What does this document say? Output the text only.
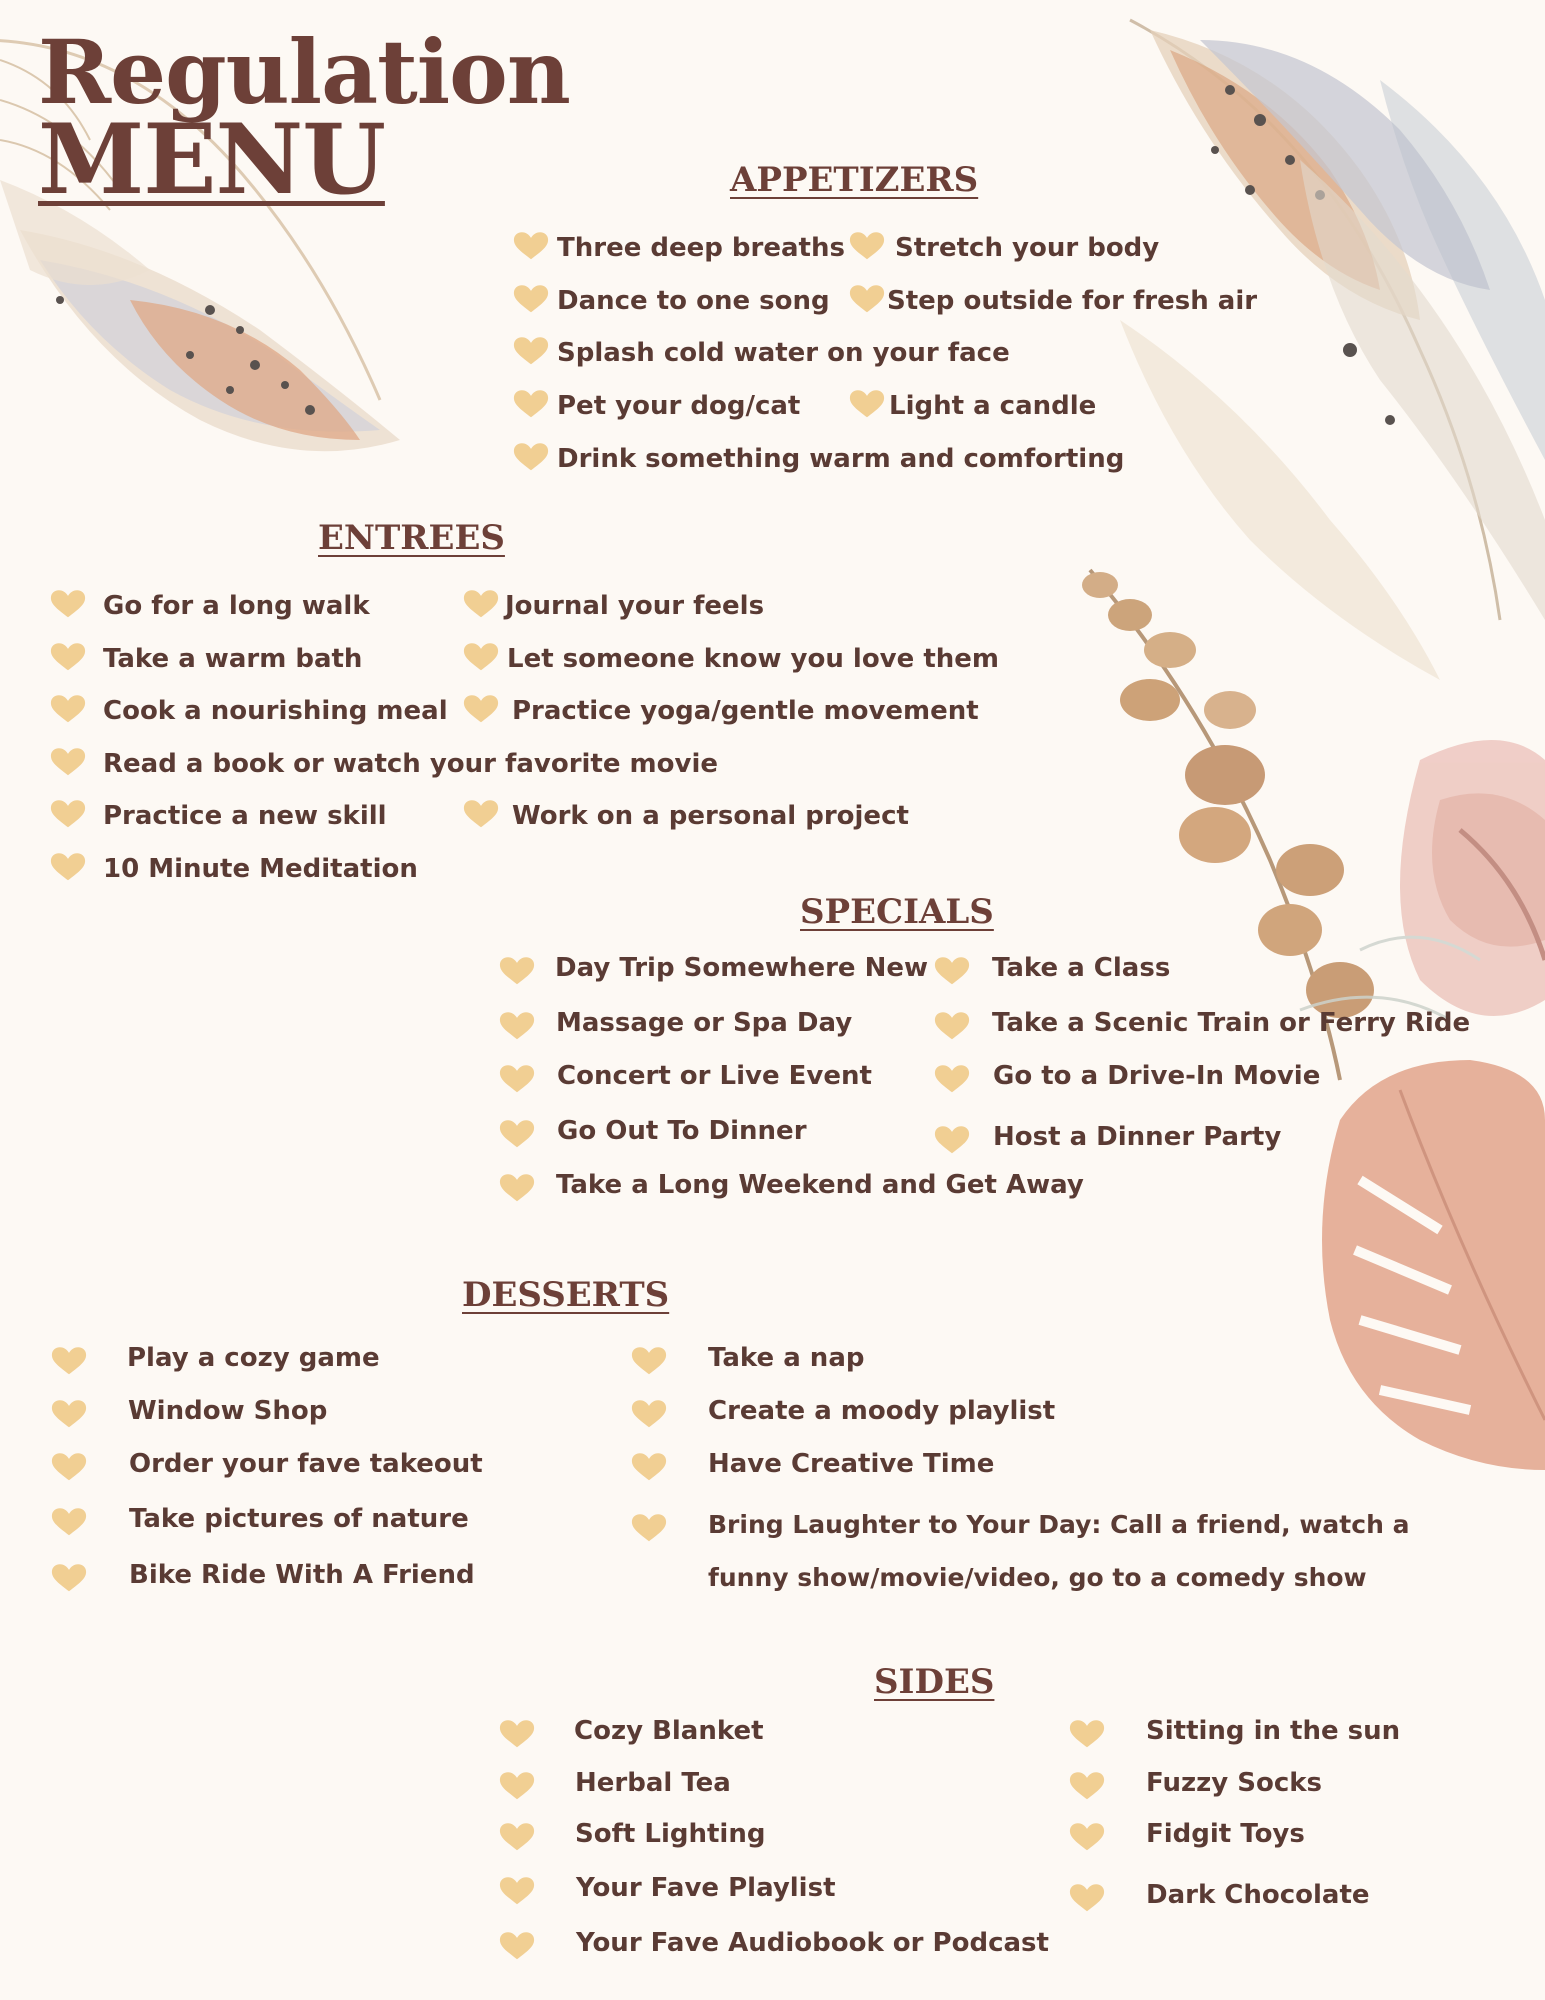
Regulation
MENU	APPETIZERS
Three deep breaths Stretch your body
Dance to one song Step outside for fresh air
Splash cold water on your face
Pet your dog/cat	Light a candle
Drink something warm and comforting
ENTREES
Go for a long walk	Journal your feels
Take a warm bath	Let someone know you love them
Cook a nourishing meal Practice yoga/gentle movement
Read a book or watch your favorite movie
Practice a new skill	Work on a personal project
10 Minute Meditation
SPECIALS
Day Trip Somewhere New Take a Class
Massage or Spa Day	Take a Scenic Train or Ferry Ride
Concert or Live Event	Go to a Drive-In Movie
Go Out To Dinner	Host a Dinner Party
Take a Long Weekend and Get Away
DESSERTS
Play a cozy game	Take a nap
Window Shop	Create a moody playlist
Order your fave takeout	Have Creative Time
Take pictures of nature	Bring Laughter to Your Day: Call a friend, watch a
funny show/movie/video, go to a comedy show
Bike Ride With A Friend
SIDES
Cozy Blanket	Sitting in the sun
Herbal Tea	Fuzzy Socks
Soft Lighting	Fidgit Toys
Your Fave Playlist	Dark Chocolate
Your Fave Audiobook or Podcast
